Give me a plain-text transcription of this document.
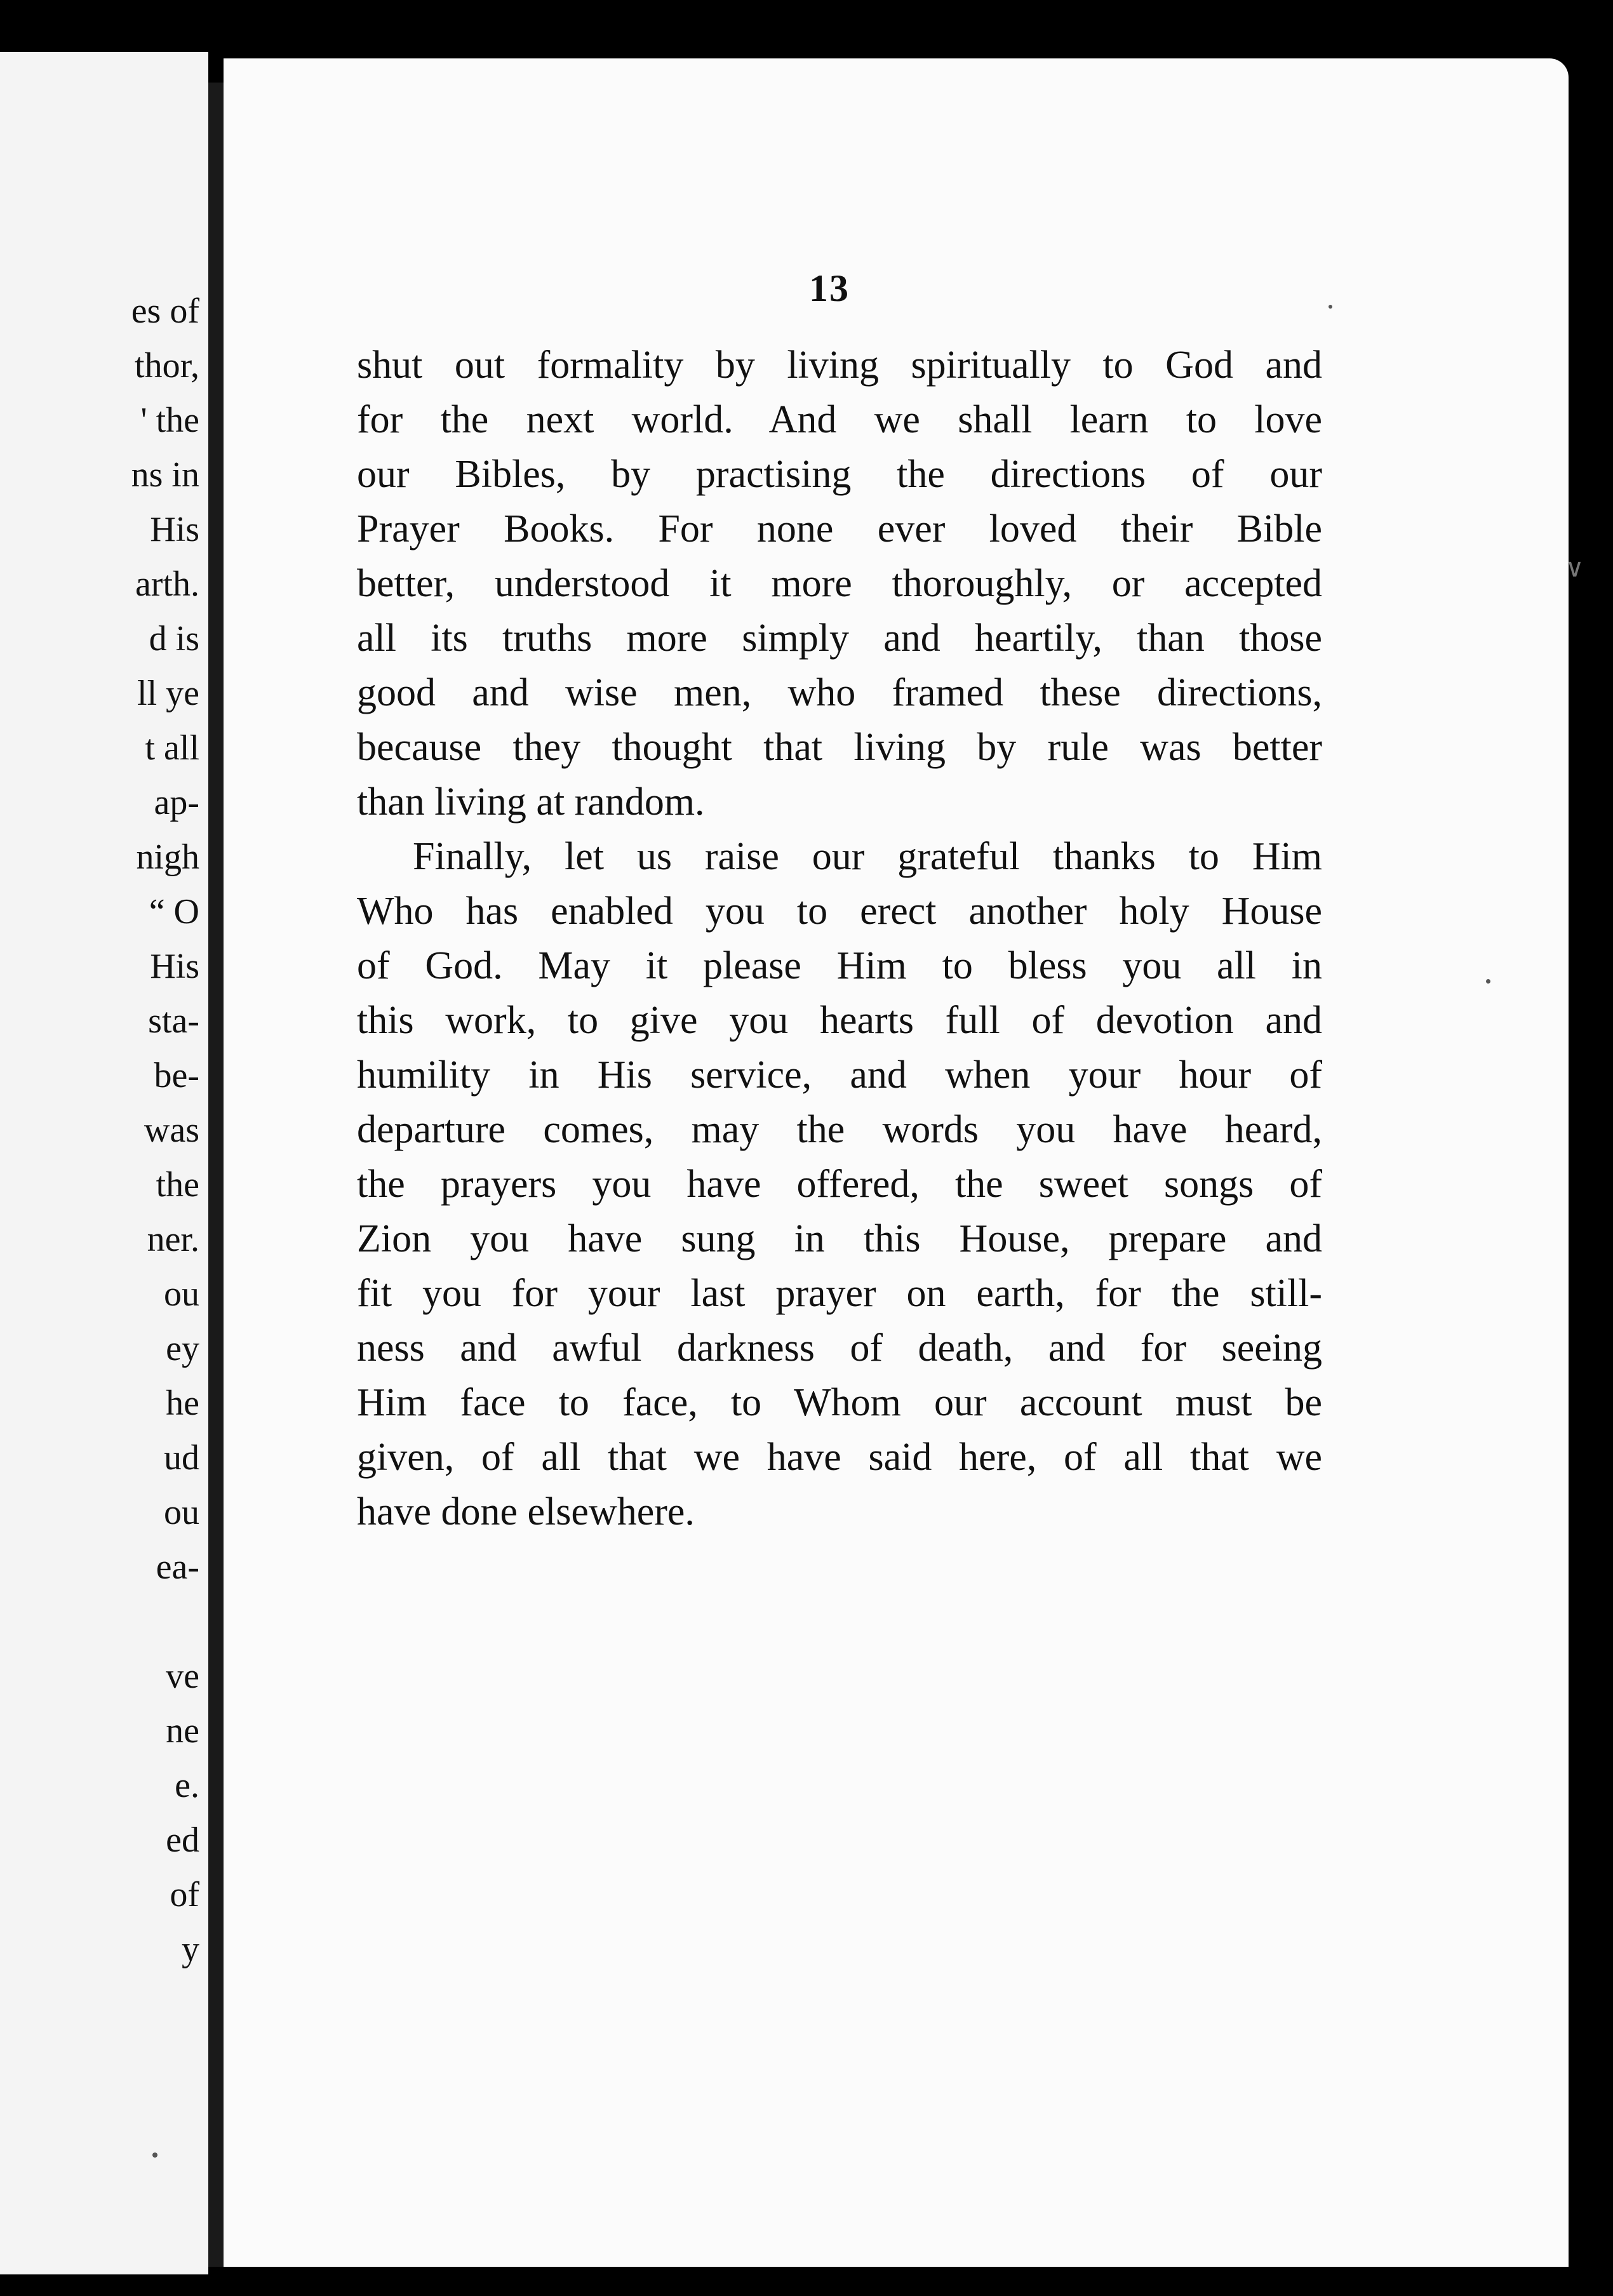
es of
thor,
' the
ns in
His
arth.
d is
ll ye
t all
ap-
nigh
“ O
His
sta-
be-
was
the
ner.
ou
ey
he
ud
ou
ea-
ve
ne
e.
ed
of
y
13
shut out formality by living spiritually to God and
for the next world. And we shall learn to love
our Bibles, by practising the directions of our
Prayer Books. For none ever loved their Bible
better, understood it more thoroughly, or accepted
all its truths more simply and heartily, than those
good and wise men, who framed these directions,
because they thought that living by rule was better
than living at random.
Finally, let us raise our grateful thanks to Him
Who has enabled you to erect another holy House
of God. May it please Him to bless you all in
this work, to give you hearts full of devotion and
humility in His service, and when your hour of
departure comes, may the words you have heard,
the prayers you have offered, the sweet songs of
Zion you have sung in this House, prepare and
fit you for your last prayer on earth, for the still-
ness and awful darkness of death, and for seeing
Him face to face, to Whom our account must be
given, of all that we have said here, of all that we
have done elsewhere.
∨
